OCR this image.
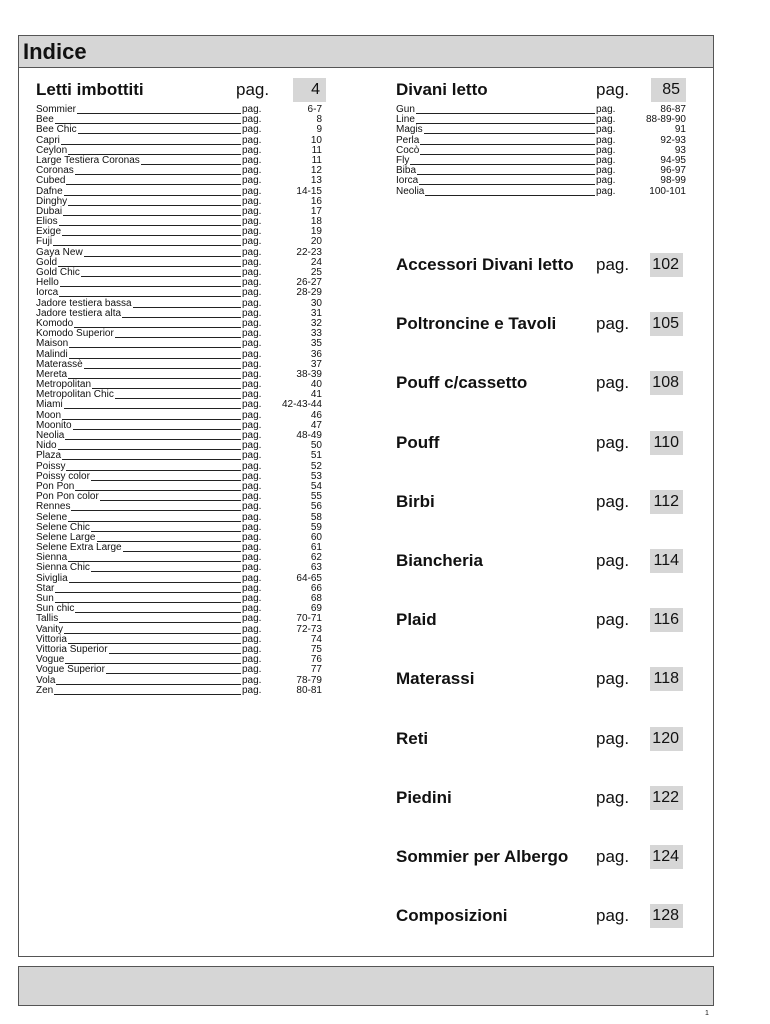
Indice
Letti imbottiti	pag.	4
Sommier	pag.	6-7
Bee	pag.	8
Bee Chic	pag.	9
Capri	pag.	10
Ceylon	pag.	11
Large Testiera Coronas	pag.	11
Coronas	pag.	12
Cubed	pag.	13
Dafne	pag.	14-15
Dinghy	pag.	16
Dubai	pag.	17
Elios	pag.	18
Exige	pag.	19
Fuji	pag.	20
Gaya New	pag.	22-23
Gold	pag.	24
Gold Chic	pag.	25
Hello	pag.	26-27
Iorca	pag.	28-29
Jadore testiera bassa	pag.	30
Jadore testiera alta	pag.	31
Komodo	pag.	32
Komodo Superior	pag.	33
Maison	pag.	35
Malindi	pag.	36
Materassè	pag.	37
Mereta	pag.	38-39
Metropolitan	pag.	40
Metropolitan Chic	pag.	41
Miami	pag. 42-43-44
Moon	pag.	46
Moonito	pag.	47
Neolia	pag.	48-49
Nido	pag.	50
Plaza	pag.	51
Poissy	pag.	52
Poissy color	pag.	53
Pon Pon	pag.	54
Pon Pon color	pag.	55
Rennes	pag.	56
Selene	pag.	58
Selene Chic	pag.	59
Selene Large	pag.	60
Selene Extra Large	pag.	61
Sienna	pag.	62
Sienna Chic	pag.	63
Siviglia	pag.	64-65
Star	pag.	66
Sun	pag.	68
Sun chic	pag.	69
Tallis	pag.	70-71
Vanity	pag.	72-73
Vittoria	pag.	74
Vittoria Superior	pag.	75
Vogue	pag.	76
Vogue Superior	pag.	77
Vola	pag.	78-79
Zen	pag.	80-81
Divani letto	pag.	85
Gun	pag.	86-87
Line	pag.	88-89-90
Magis	pag.	91
Perla	pag.	92-93
Cocò	pag.	93
Fly	pag.	94-95
Biba	pag.	96-97
Iorca	pag.	98-99
Neolia	pag.	100-101
Accessori Divani letto pag. 102
Poltroncine e Tavoli pag. 105
Pouff c/cassetto	pag. 108
Pouff	pag. 110
Birbi	pag. 112
Biancheria	pag. 114
Plaid	pag. 116
Materassi	pag. 118
Reti	pag. 120
Piedini	pag. 122
Sommier per Albergo pag. 124
Composizioni	pag. 128
1
